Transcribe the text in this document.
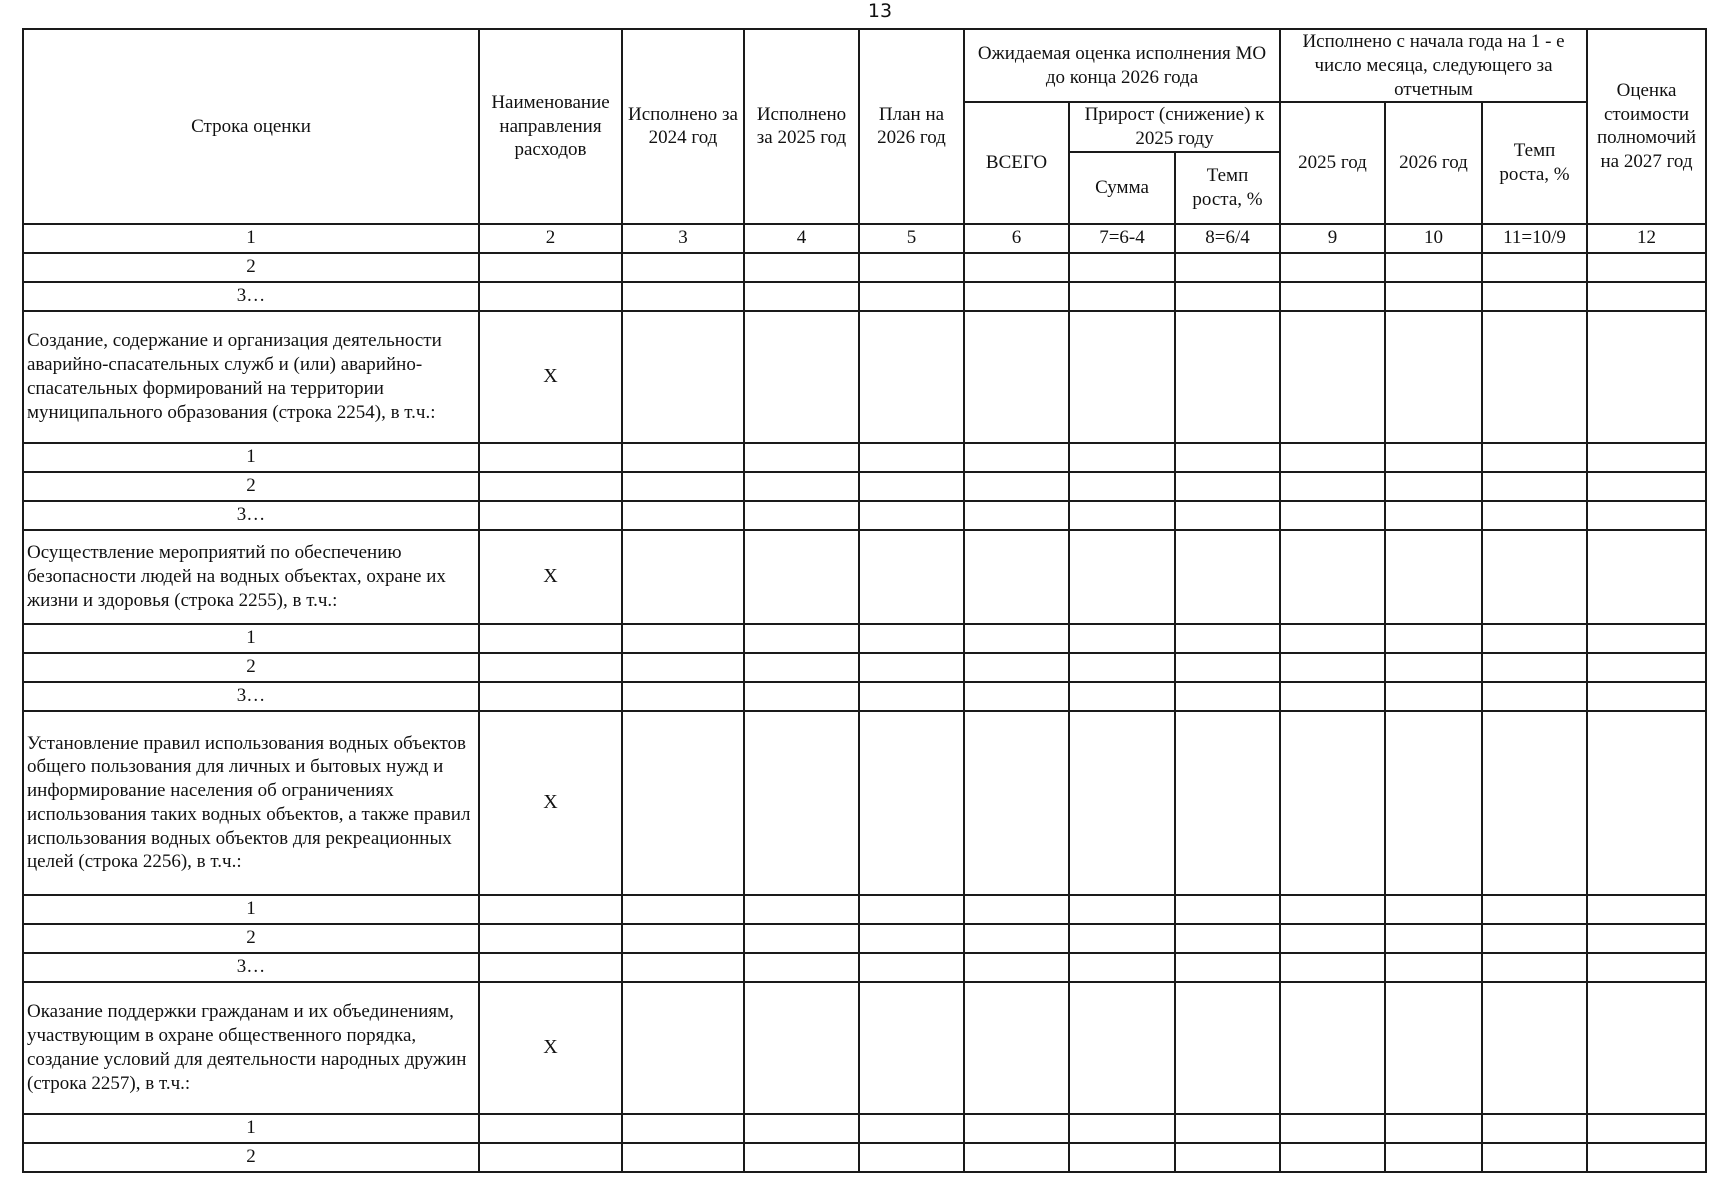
13
Строка оценки	Наименование направления расходов	Исполнено за 2024 год	Исполнено за 2025 год	План на 2026 год	Ожидаемая оценка исполнения МО до конца 2026 года			Исполнено с начала года на 1 - е число месяца, следующего за отчетным			Оценка стоимости полномочий на 2027 год
					ВСЕГО	Прирост (снижение) к 2025 году		2025 год	2026 год	Темп роста, %	
						Сумма	Темп роста, %				
1	2	3	4	5	6	7=6-4	8=6/4	9	10	11=10/9	12
2											
3…											
Создание, содержание и организация деятельности аварийно-спасательных служб и (или) аварийно-спасательных формирований на территории муниципального образования (строка 2254), в т.ч.:	X										
1											
2											
3…											
Осуществление мероприятий по обеспечению безопасности людей на водных объектах, охране их жизни и здоровья (строка 2255), в т.ч.:	X										
1											
2											
3…											
Установление правил использования водных объектов общего пользования для личных и бытовых нужд и информирование населения об ограничениях использования таких водных объектов, а также правил использования водных объектов для рекреационных целей (строка 2256), в т.ч.:	X										
1											
2											
3…											
Оказание поддержки гражданам и их объединениям, участвующим в охране общественного порядка, создание условий для деятельности народных дружин (строка 2257), в т.ч.:	X										
1											
2											
